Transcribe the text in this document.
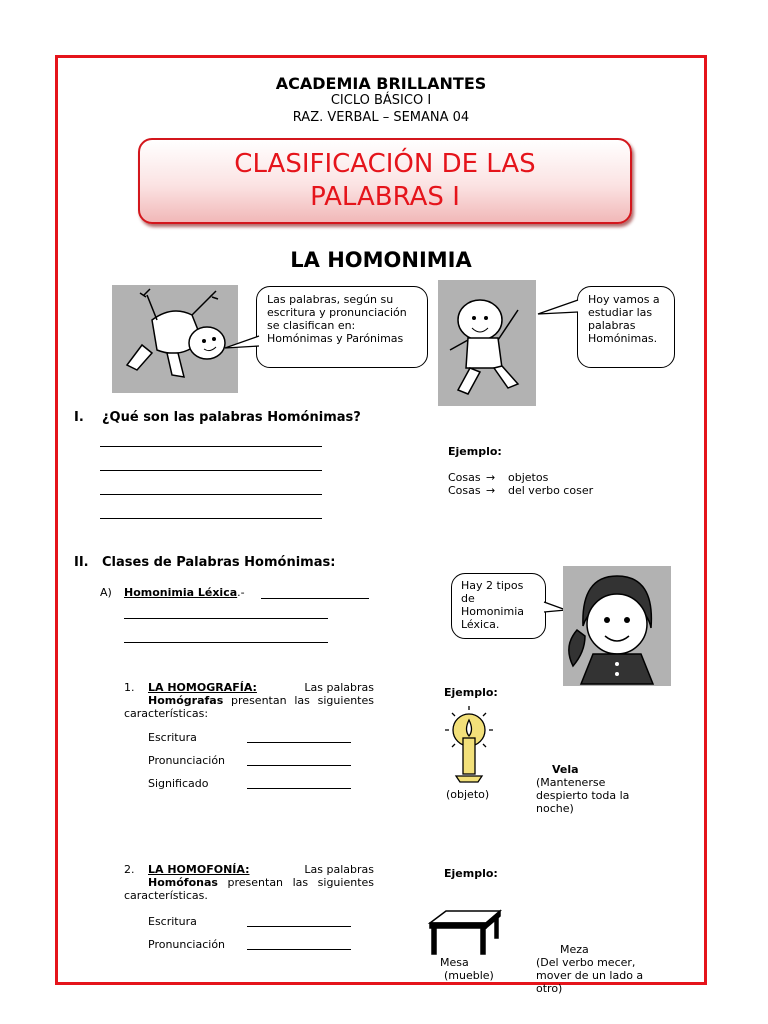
ACADEMIA BRILLANTES
CICLO BÁSICO I
RAZ. VERBAL – SEMANA 04
CLASIFICACIÓN DE LAS PALABRAS I
LA HOMONIMIA
Las palabras, según su escritura y pronunciación se clasifican en: Homónimas y Parónimas
Hoy vamos a estudiar las palabras Homónimas.
I. ¿Qué son las palabras Homónimas?
Ejemplo:
Cosas → objetos
Cosas → del verbo coser
II. Clases de Palabras Homónimas:
A) Homonimia Léxica.-
Hay 2 tipos de Homonimia Léxica.
1. LA HOMOGRAFÍA:	Las palabras

Homógrafas presentan las siguientes características:
Escritura
Pronunciación
Significado
Ejemplo:
Vela
(objeto)
(Mantenerse despierto toda la noche)
2. LA HOMOFONÍA:	Las palabras

Homófonas presentan las siguientes características.
Escritura
Pronunciación
Ejemplo:
Mesa
(mueble)
Meza
(Del verbo mecer, mover de un lado a otro)
